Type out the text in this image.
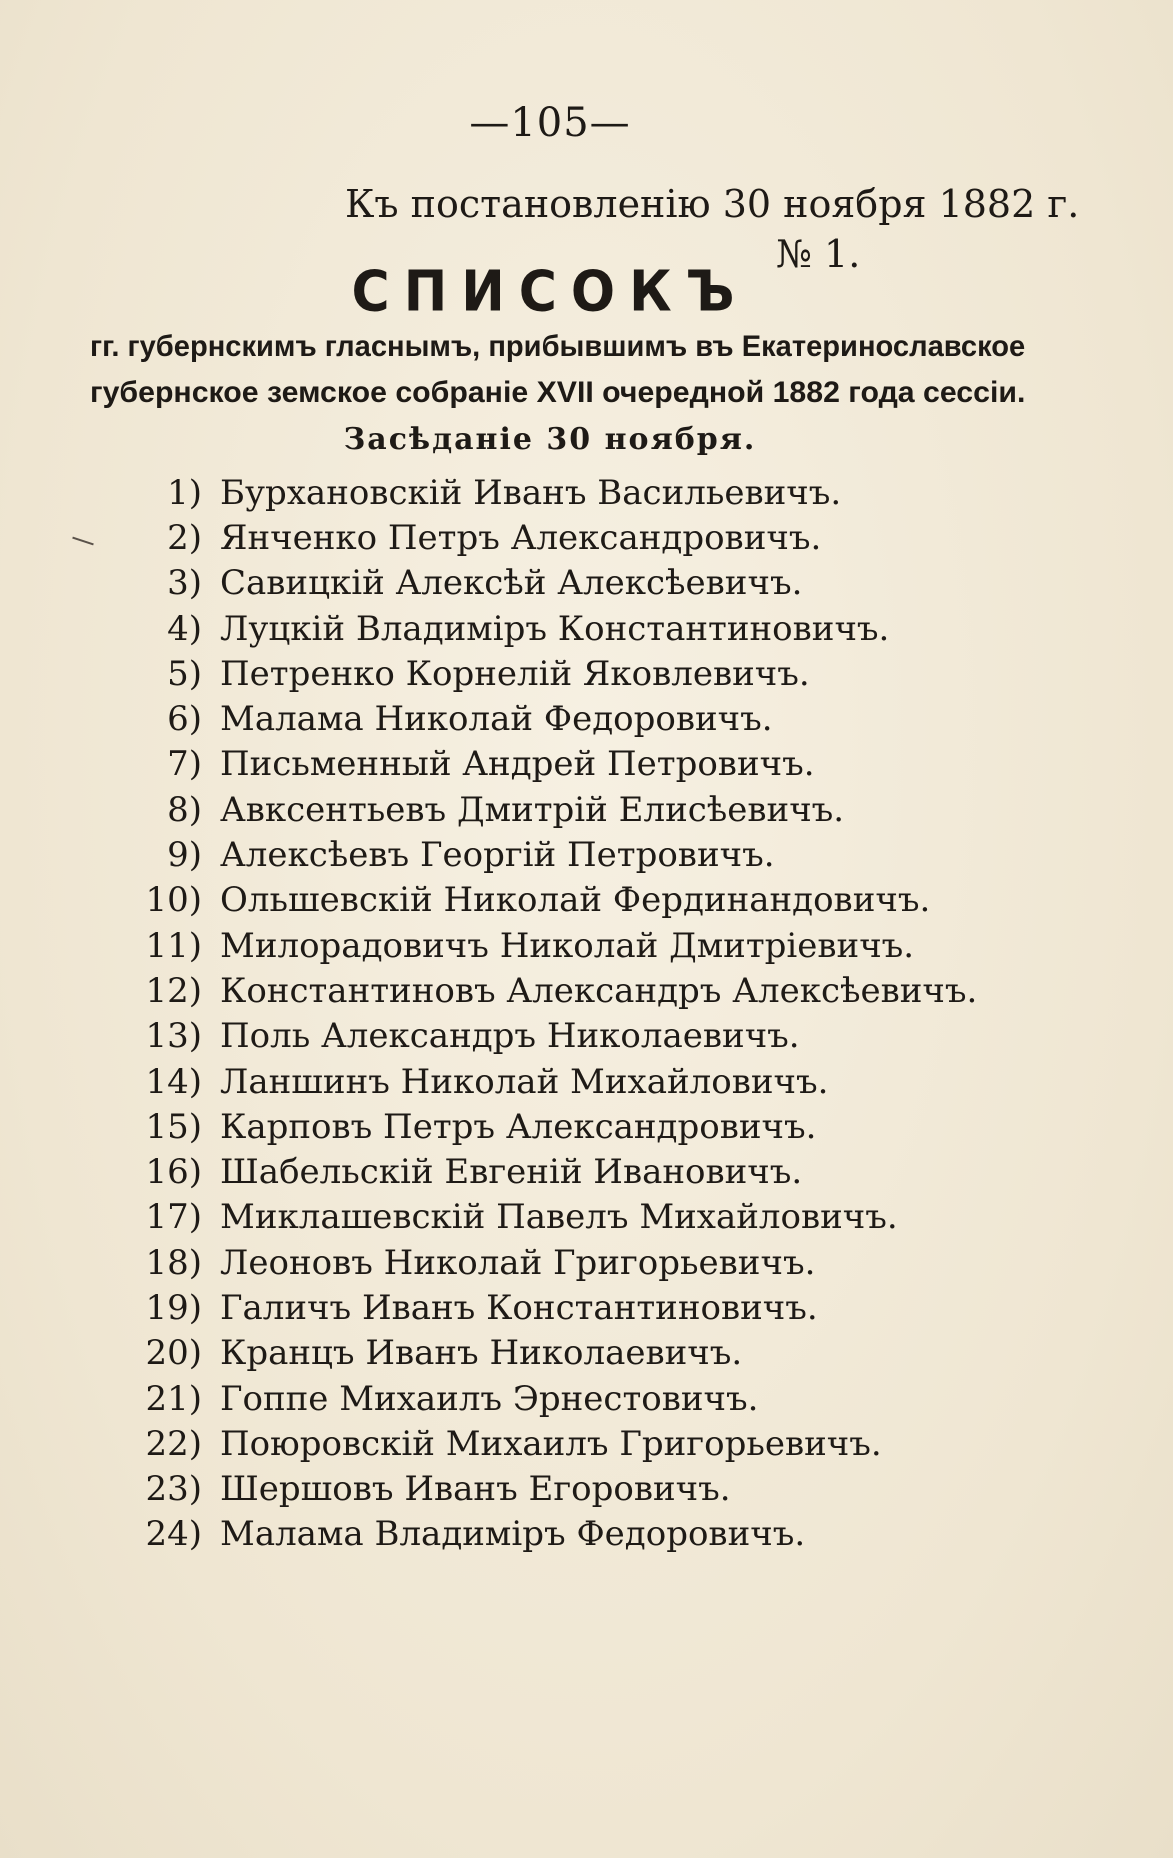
—105—
Къ постановленію 30 ноября 1882 г.
№ 1.
СПИСОКЪ
гг. губернскимъ гласнымъ, прибывшимъ въ Екатеринославское
губернское земское собраніе XVII очередной 1882 года сессіи.
Засѣданіе 30 ноября.
1) Бурхановскій Иванъ Васильевичъ.
2) Янченко Петръ Александровичъ.
3) Савицкій Алексѣй Алексѣевичъ.
4) Луцкій Владиміръ Константиновичъ.
5) Петренко Корнелій Яковлевичъ.
6) Малама Николай Федоровичъ.
7) Письменный Андрей Петровичъ.
8) Авксентьевъ Дмитрій Елисѣевичъ.
9) Алексѣевъ Георгій Петровичъ.
10) Ольшевскій Николай Фердинандовичъ.
11) Милорадовичъ Николай Дмитріевичъ.
12) Константиновъ Александръ Алексѣевичъ.
13) Поль Александръ Николаевичъ.
14) Ланшинъ Николай Михайловичъ.
15) Карповъ Петръ Александровичъ.
16) Шабельскій Евгеній Ивановичъ.
17) Миклашевскій Павелъ Михайловичъ.
18) Леоновъ Николай Григорьевичъ.
19) Галичъ Иванъ Константиновичъ.
20) Кранцъ Иванъ Николаевичъ.
21) Гоппе Михаилъ Эрнестовичъ.
22) Поюровскій Михаилъ Григорьевичъ.
23) Шершовъ Иванъ Егоровичъ.
24) Малама Владиміръ Федоровичъ.
